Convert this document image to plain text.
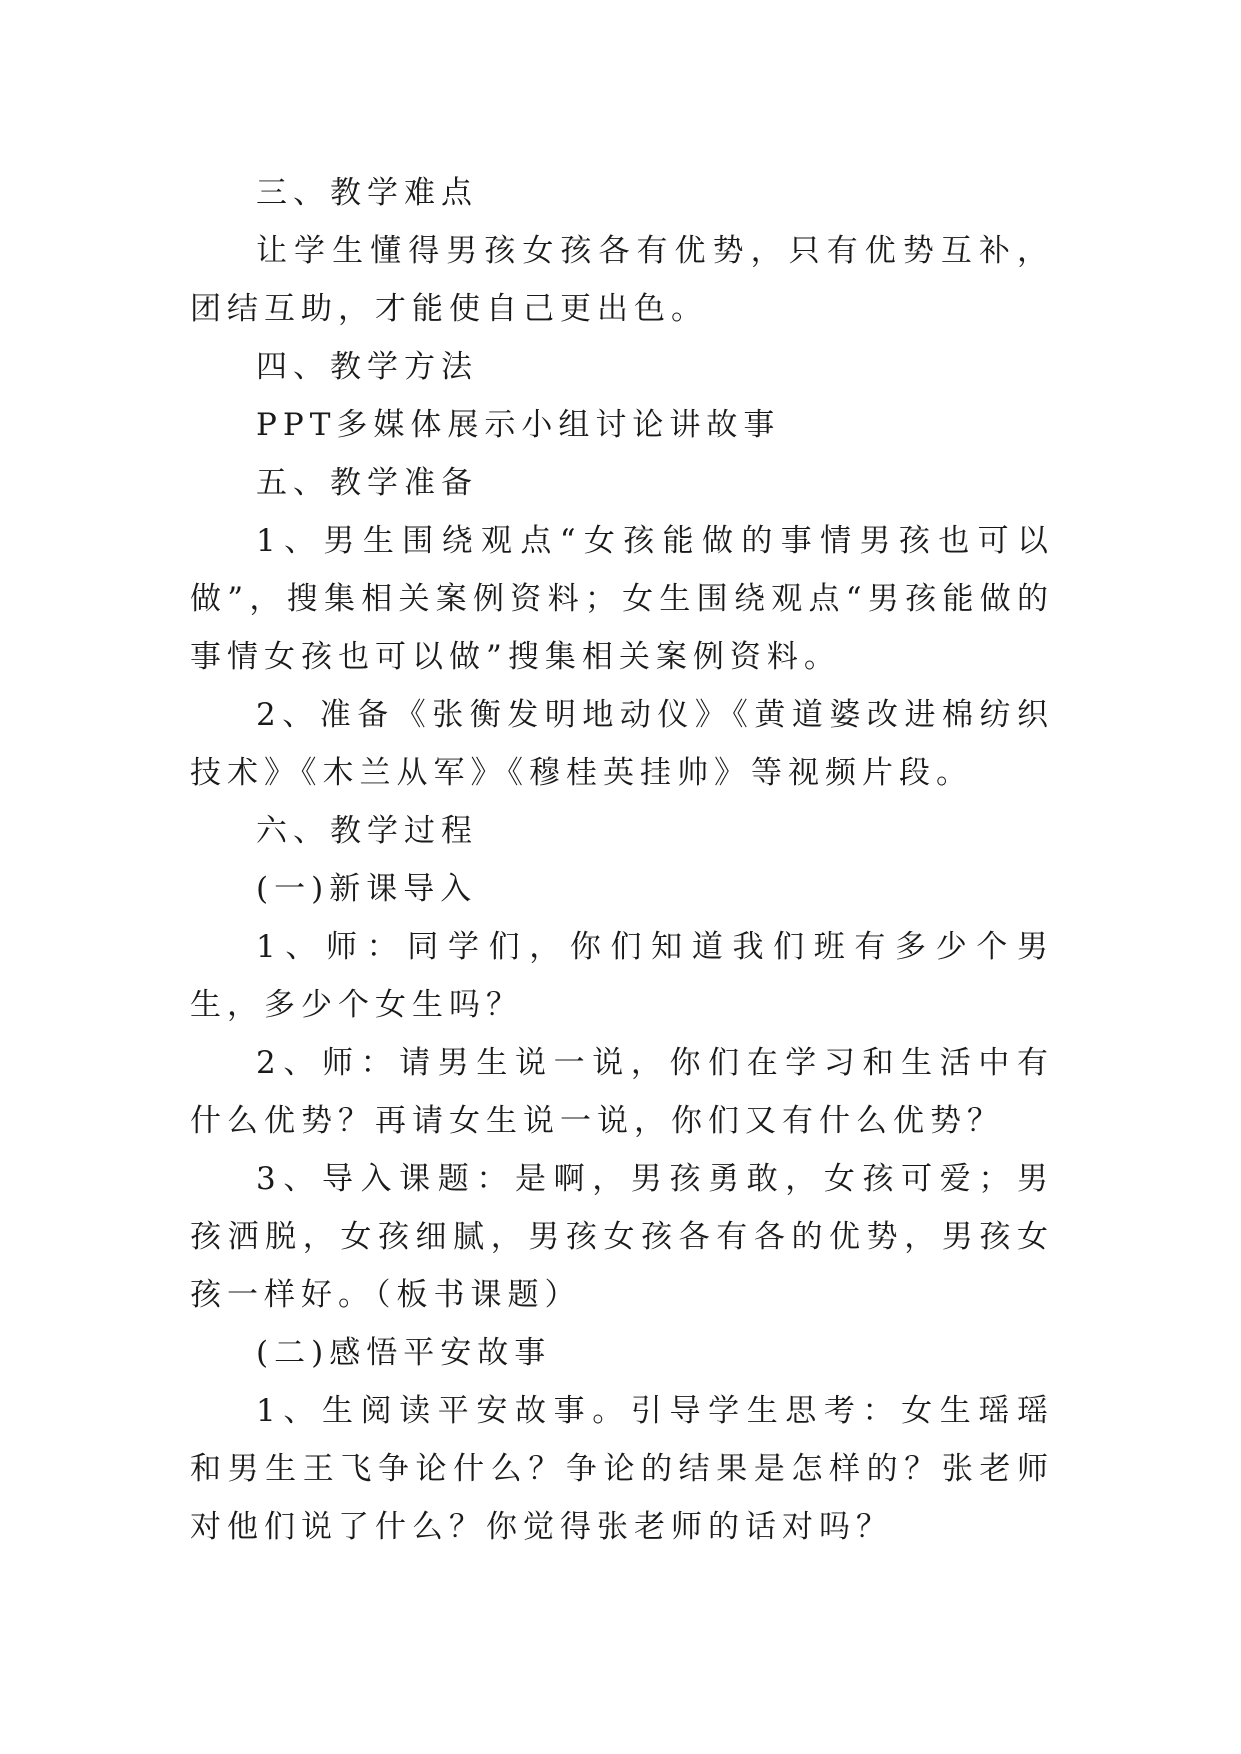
三、教学难点

让学生懂得男孩女孩各有优势，只有优势互补，团结互助，才能使自己更出色。

四、教学方法

PPT多媒体展示小组讨论讲故事

五、教学准备

1、男生围绕观点“女孩能做的事情男孩也可以做”，搜集相关案例资料；女生围绕观点“男孩能做的事情女孩也可以做”搜集相关案例资料。

2、准备《张衡发明地动仪》《黄道婆改进棉纺织技术》《木兰从军》《穆桂英挂帅》等视频片段。

六、教学过程

(一)新课导入

1、师：同学们，你们知道我们班有多少个男生，多少个女生吗？

2、师：请男生说一说，你们在学习和生活中有什么优势？再请女生说一说，你们又有什么优势？

3、导入课题：是啊，男孩勇敢，女孩可爱；男孩洒脱，女孩细腻，男孩女孩各有各的优势，男孩女孩一样好。（板书课题）

(二)感悟平安故事

1、生阅读平安故事。引导学生思考：女生瑶瑶和男生王飞争论什么？争论的结果是怎样的？张老师对他们说了什么？你觉得张老师的话对吗？
